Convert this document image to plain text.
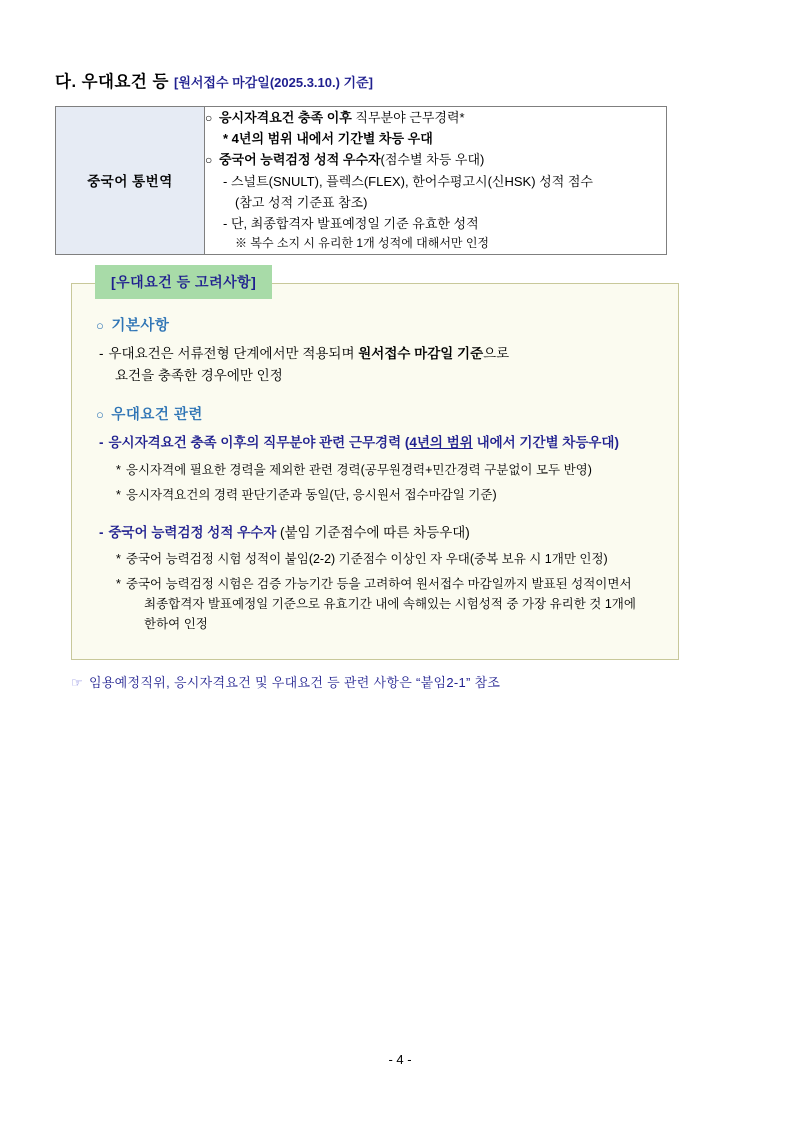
다. 우대요건 등 [원서접수 마감일(2025.3.10.) 기준]
중국어 통번역	
○ 응시자격요건 충족 이후 직무분야 근무경력*
* 4년의 범위 내에서 기간별 차등 우대
○ 중국어 능력검정 성적 우수자(점수별 차등 우대)
- 스널트(SNULT), 플렉스(FLEX), 한어수평고시(신HSK) 성적 점수
(참고 성적 기준표 참조)
- 단, 최종합격자 발표예정일 기준 유효한 성적
※ 복수 소지 시 유리한 1개 성적에 대해서만 인정
[우대요건 등 고려사항]
○ 기본사항
- 우대요건은 서류전형 단계에서만 적용되며 원서접수 마감일 기준으로
요건을 충족한 경우에만 인정
○ 우대요건 관련
- 응시자격요건 충족 이후의 직무분야 관련 근무경력 (4년의 범위 내에서 기간별 차등우대)
* 응시자격에 필요한 경력을 제외한 관련 경력(공무원경력+민간경력 구분없이 모두 반영)
* 응시자격요건의 경력 판단기준과 동일(단, 응시원서 접수마감일 기준)
- 중국어 능력검정 성적 우수자 (붙임 기준점수에 따른 차등우대)
* 중국어 능력검정 시험 성적이 붙임(2-2) 기준점수 이상인 자 우대(중복 보유 시 1개만 인정)
* 중국어 능력검정 시험은 검증 가능기간 등을 고려하여 원서접수 마감일까지 발표된 성적이면서
최종합격자 발표예정일 기준으로 유효기간 내에 속해있는 시험성적 중 가장 유리한 것 1개에
한하여 인정
☞ 임용예정직위, 응시자격요건 및 우대요건 등 관련 사항은 “붙임2-1” 참조
- 4 -
